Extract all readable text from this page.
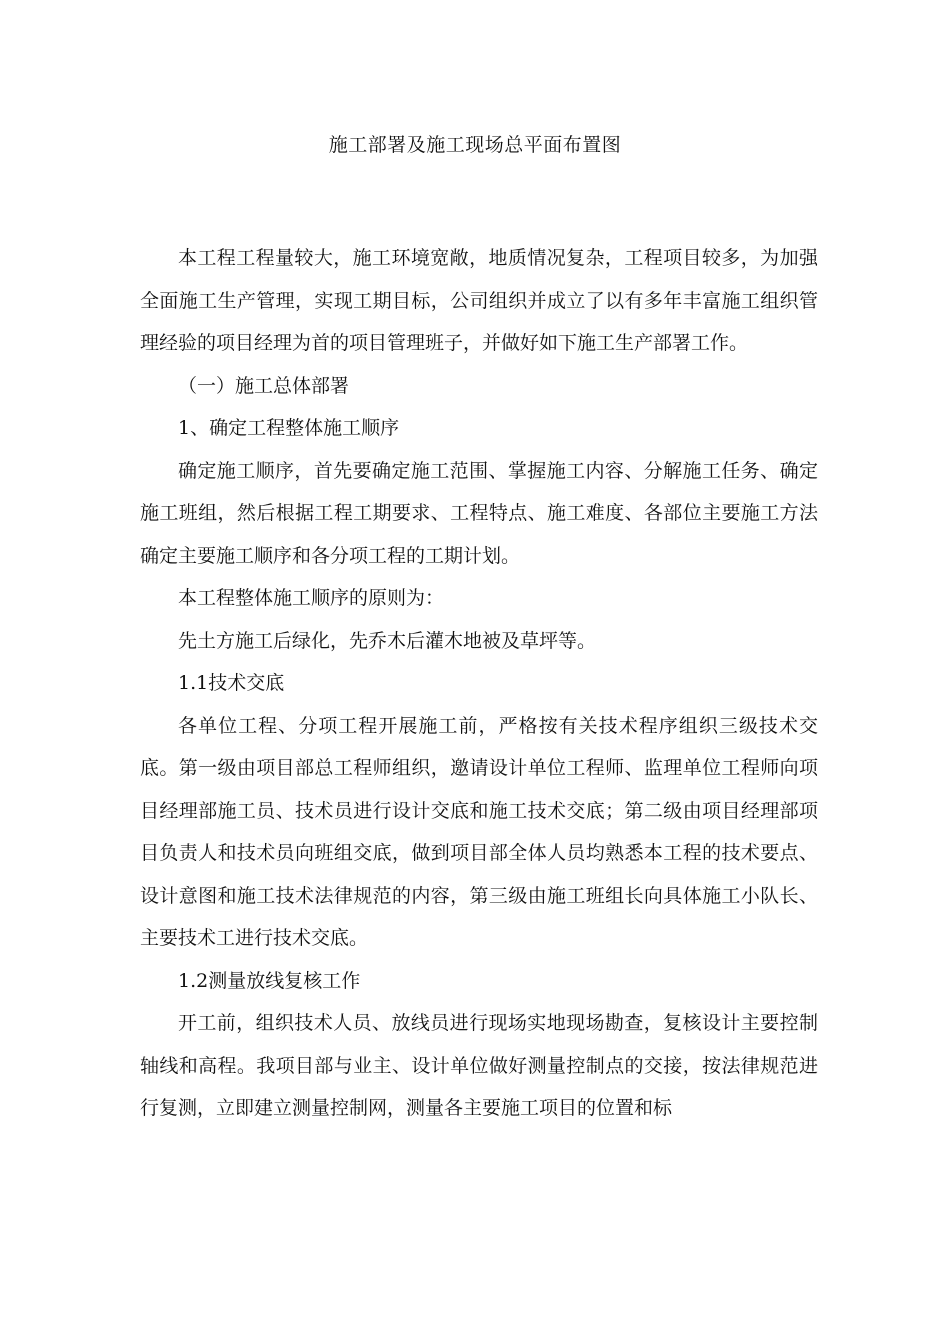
施工部署及施工现场总平面布置图

本工程工程量较大，施工环境宽敞，地质情况复杂，工程项目较多，为加强全面施工生产管理，实现工期目标，公司组织并成立了以有多年丰富施工组织管理经验的项目经理为首的项目管理班子，并做好如下施工生产部署工作。

（一）施工总体部署

1、确定工程整体施工顺序

确定施工顺序，首先要确定施工范围、掌握施工内容、分解施工任务、确定施工班组，然后根据工程工期要求、工程特点、施工难度、各部位主要施工方法确定主要施工顺序和各分项工程的工期计划。

本工程整体施工顺序的原则为：

先土方施工后绿化，先乔木后灌木地被及草坪等。

1.1技术交底

各单位工程、分项工程开展施工前，严格按有关技术程序组织三级技术交底。第一级由项目部总工程师组织，邀请设计单位工程师、监理单位工程师向项目经理部施工员、技术员进行设计交底和施工技术交底；第二级由项目经理部项目负责人和技术员向班组交底，做到项目部全体人员均熟悉本工程的技术要点、设计意图和施工技术法律规范的内容，第三级由施工班组长向具体施工小队长、主要技术工进行技术交底。

1.2测量放线复核工作

开工前，组织技术人员、放线员进行现场实地现场勘查，复核设计主要控制轴线和高程。我项目部与业主、设计单位做好测量控制点的交接，按法律规范进行复测，立即建立测量控制网，测量各主要施工项目的位置和标
